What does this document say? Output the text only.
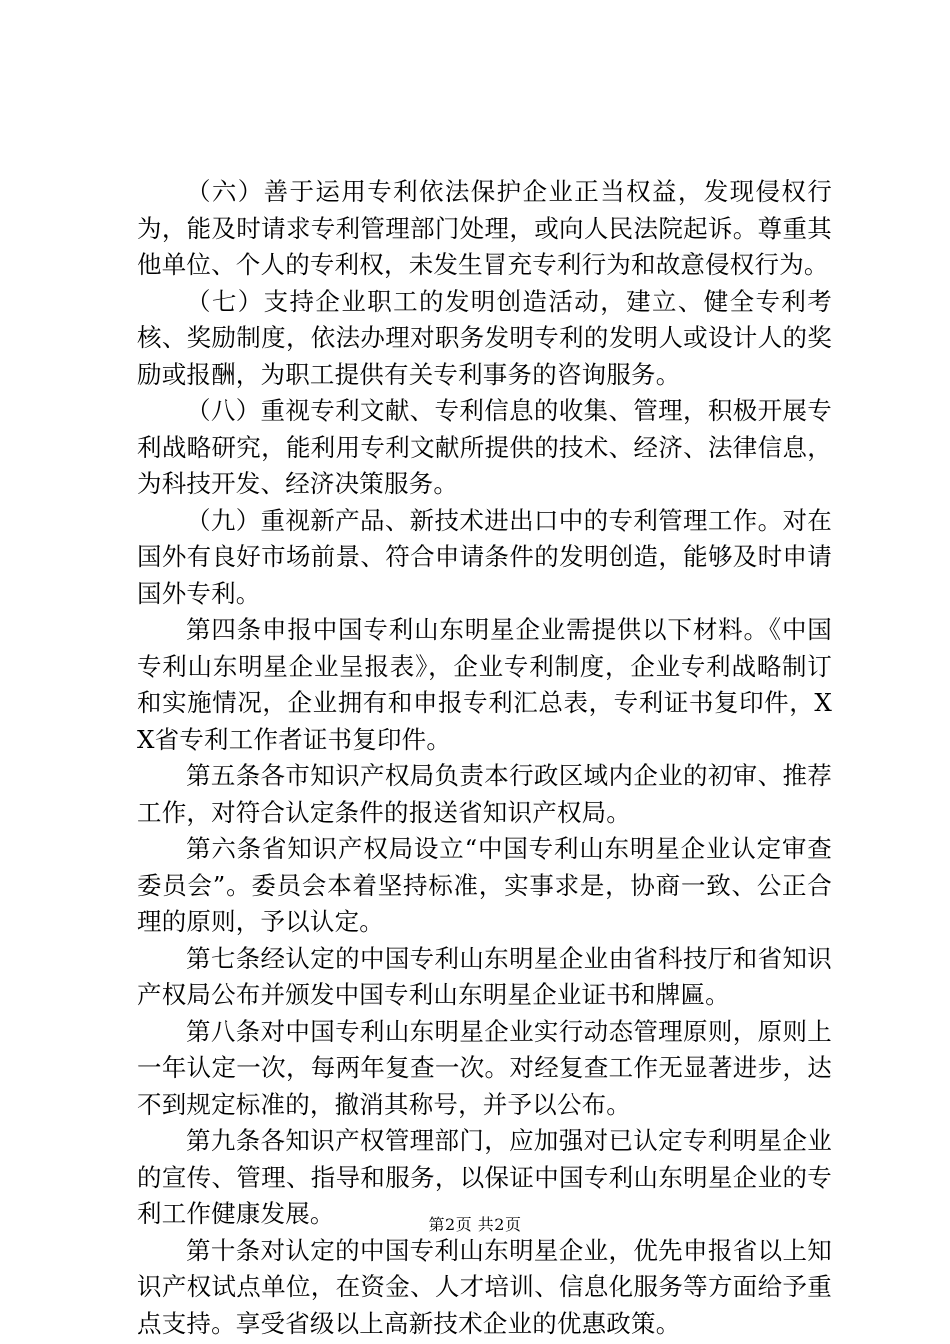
（六）善于运用专利依法保护企业正当权益，发现侵权行为，能及时请求专利管理部门处理，或向人民法院起诉。尊重其他单位、个人的专利权，未发生冒充专利行为和故意侵权行为。

（七）支持企业职工的发明创造活动，建立、健全专利考核、奖励制度，依法办理对职务发明专利的发明人或设计人的奖励或报酬，为职工提供有关专利事务的咨询服务。

（八）重视专利文献、专利信息的收集、管理，积极开展专利战略研究，能利用专利文献所提供的技术、经济、法律信息，为科技开发、经济决策服务。

（九）重视新产品、新技术进出口中的专利管理工作。对在国外有良好市场前景、符合申请条件的发明创造，能够及时申请国外专利。

第四条申报中国专利山东明星企业需提供以下材料。《中国专利山东明星企业呈报表》，企业专利制度，企业专利战略制订和实施情况，企业拥有和申报专利汇总表，专利证书复印件，XX省专利工作者证书复印件。

第五条各市知识产权局负责本行政区域内企业的初审、推荐工作，对符合认定条件的报送省知识产权局。

第六条省知识产权局设立“中国专利山东明星企业认定审查委员会”。委员会本着坚持标准，实事求是，协商一致、公正合理的原则，予以认定。

第七条经认定的中国专利山东明星企业由省科技厅和省知识产权局公布并颁发中国专利山东明星企业证书和牌匾。

第八条对中国专利山东明星企业实行动态管理原则，原则上一年认定一次，每两年复查一次。对经复查工作无显著进步，达不到规定标准的，撤消其称号，并予以公布。

第九条各知识产权管理部门，应加强对已认定专利明星企业的宣传、管理、指导和服务，以保证中国专利山东明星企业的专利工作健康发展。

第十条对认定的中国专利山东明星企业，优先申报省以上知识产权试点单位，在资金、人才培训、信息化服务等方面给予重点支持。享受省级以上高新技术企业的优惠政策。

第2页 共2页
